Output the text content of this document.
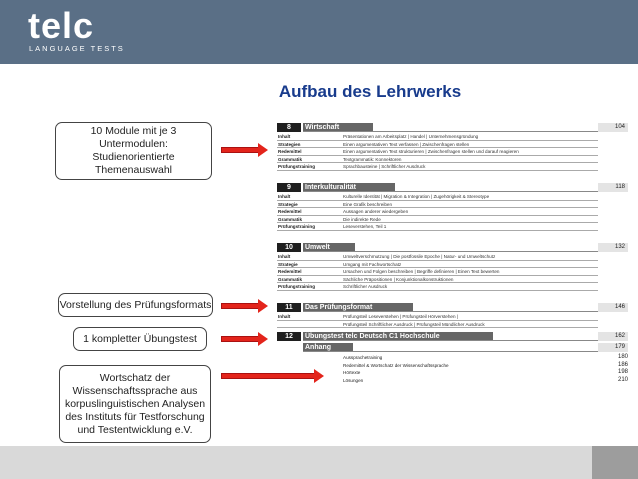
telc
LANGUAGE TESTS
Aufbau des Lehrwerks
10 Module mit je 3 Untermodulen: Studienorientierte Themenauswahl
Vorstellung des Prüfungsformats
1 kompletter Übungstest
Wortschatz der Wissenschaftssprache aus korpuslinguistischen Analysen des Instituts für Testforschung und Testentwicklung e.V.
8	Wirtschaft	104
Inhalt	Präsentationen am Arbeitsplatz | Handel | Unternehmensgründung
Strategien	Einen argumentativen Text verfassen | Zwischenfragen stellen
Redemittel	Einen argumentativen Text strukturieren | Zwischenfragen stellen und darauf reagieren
Grammatik	Textgrammatik: Konnektoren
Prüfungstraining	Sprachbausteine | Schriftlicher Ausdruck
9	Interkulturalität	118
Inhalt	Kulturelle Identität | Migration & Integration | Zugehörigkeit & Stereotype
Strategie	Eine Grafik beschreiben
Redemittel	Aussagen anderer wiedergeben
Grammatik	Die indirekte Rede
Prüfungstraining	Leseverstehen, Teil 1
10	Umwelt	132
Inhalt	Umweltverschmutzung | Die postfossile Epoche | Natur- und Umweltschutz
Strategie	Umgang mit Fachwortschatz
Redemittel	Ursachen und Folgen beschreiben | Begriffe definieren | Einen Text bewerten
Grammatik	Sächliche Präpositionen | Konjunktionalkonstruktionen
Prüfungstraining	Schriftlicher Ausdruck
11	Das Prüfungsformat	146
Inhalt	Prüfungsteil Leseverstehen | Prüfungsteil Hörverstehen |
Prüfungsteil Schriftlicher Ausdruck | Prüfungsteil Mündlicher Ausdruck
12	Übungstest telc Deutsch C1 Hochschule	162
Anhang	179
Aussprachetraining	180
Redemittel & Wortschatz der Wissenschaftssprache	186
Hörtexte	198
Lösungen	210
